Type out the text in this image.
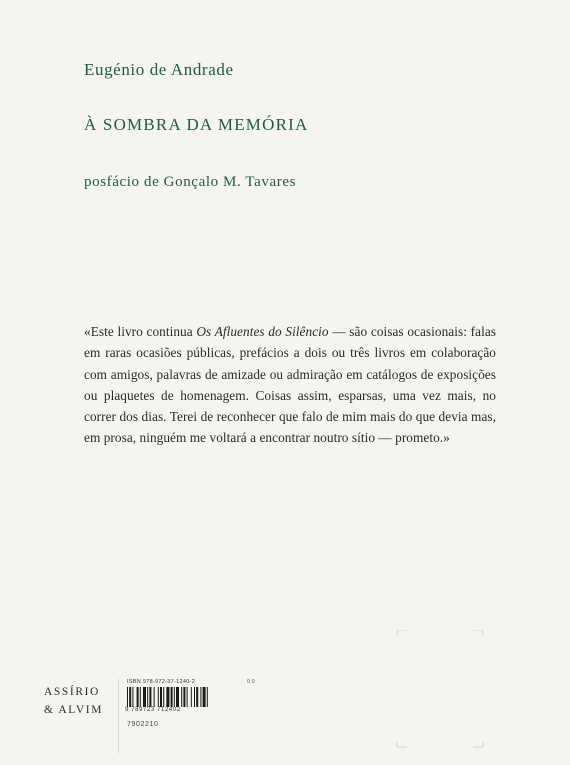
Eugénio de Andrade
À SOMBRA DA MEMÓRIA
posfácio de Gonçalo M. Tavares
«Este livro continua Os Afluentes do Silêncio — são coisas ocasionais: falas em raras ocasiões públicas, prefácios a dois ou três livros em colaboração com amigos, palavras de amizade ou admiração em catálogos de exposições ou plaquetes de homenagem. Coisas assim, esparsas, uma vez mais, no correr dos dias. Terei de reconhecer que falo de mim mais do que devia mas, em prosa, ninguém me voltará a encontrar noutro sítio — prometo.»
ASSÍRIO
& ALVIM
ISBN 978-972-37-1240-2	0 0
9 789723 712402
7902210
